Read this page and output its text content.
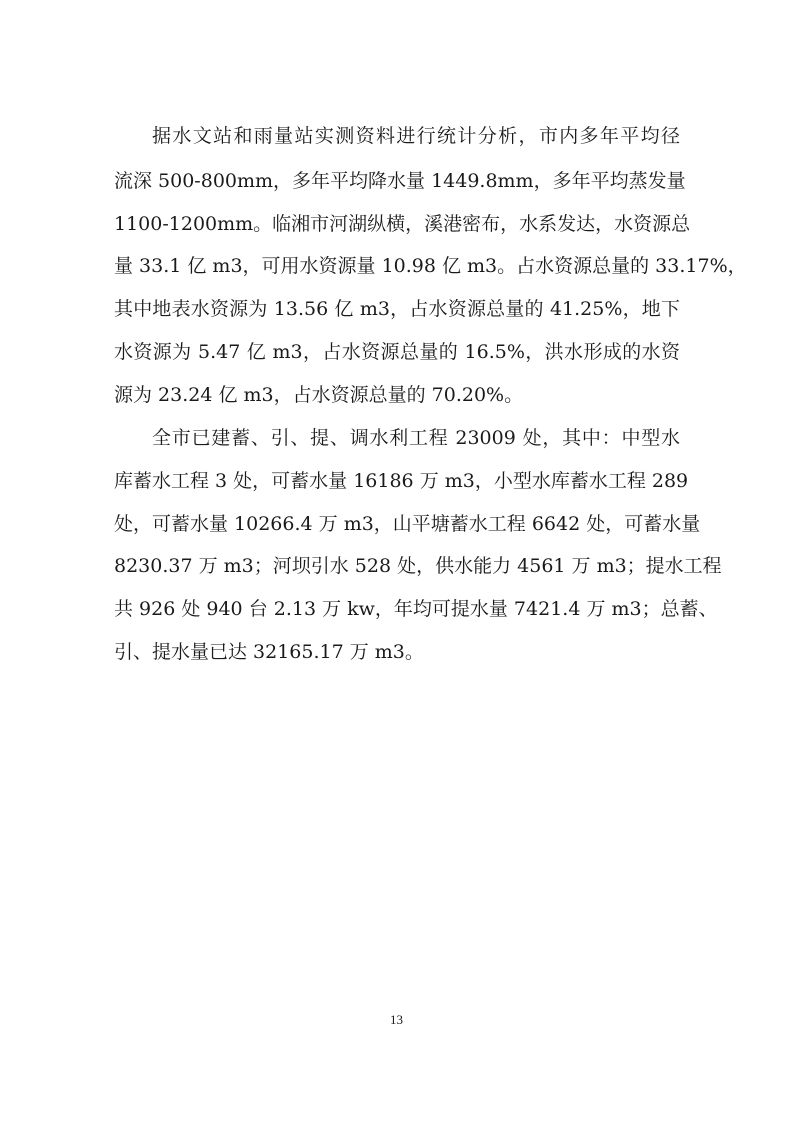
据水文站和雨量站实测资料进行统计分析，市内多年平均径
流深 500-800mm，多年平均降水量 1449.8mm，多年平均蒸发量
1100-1200mm。临湘市河湖纵横，溪港密布，水系发达，水资源总
量 33.1 亿 m3，可用水资源量 10.98 亿 m3。占水资源总量的 33.17%，
其中地表水资源为 13.56 亿 m3，占水资源总量的 41.25%，地下
水资源为 5.47 亿 m3，占水资源总量的 16.5%，洪水形成的水资
源为 23.24 亿 m3，占水资源总量的 70.20%。
全市已建蓄、引、提、调水利工程 23009 处，其中：中型水
库蓄水工程 3 处，可蓄水量 16186 万 m3，小型水库蓄水工程 289
处，可蓄水量 10266.4 万 m3，山平塘蓄水工程 6642 处，可蓄水量
8230.37 万 m3；河坝引水 528 处，供水能力 4561 万 m3；提水工程
共 926 处 940 台 2.13 万 kw，年均可提水量 7421.4 万 m3；总蓄、
引、提水量已达 32165.17 万 m3。
13
